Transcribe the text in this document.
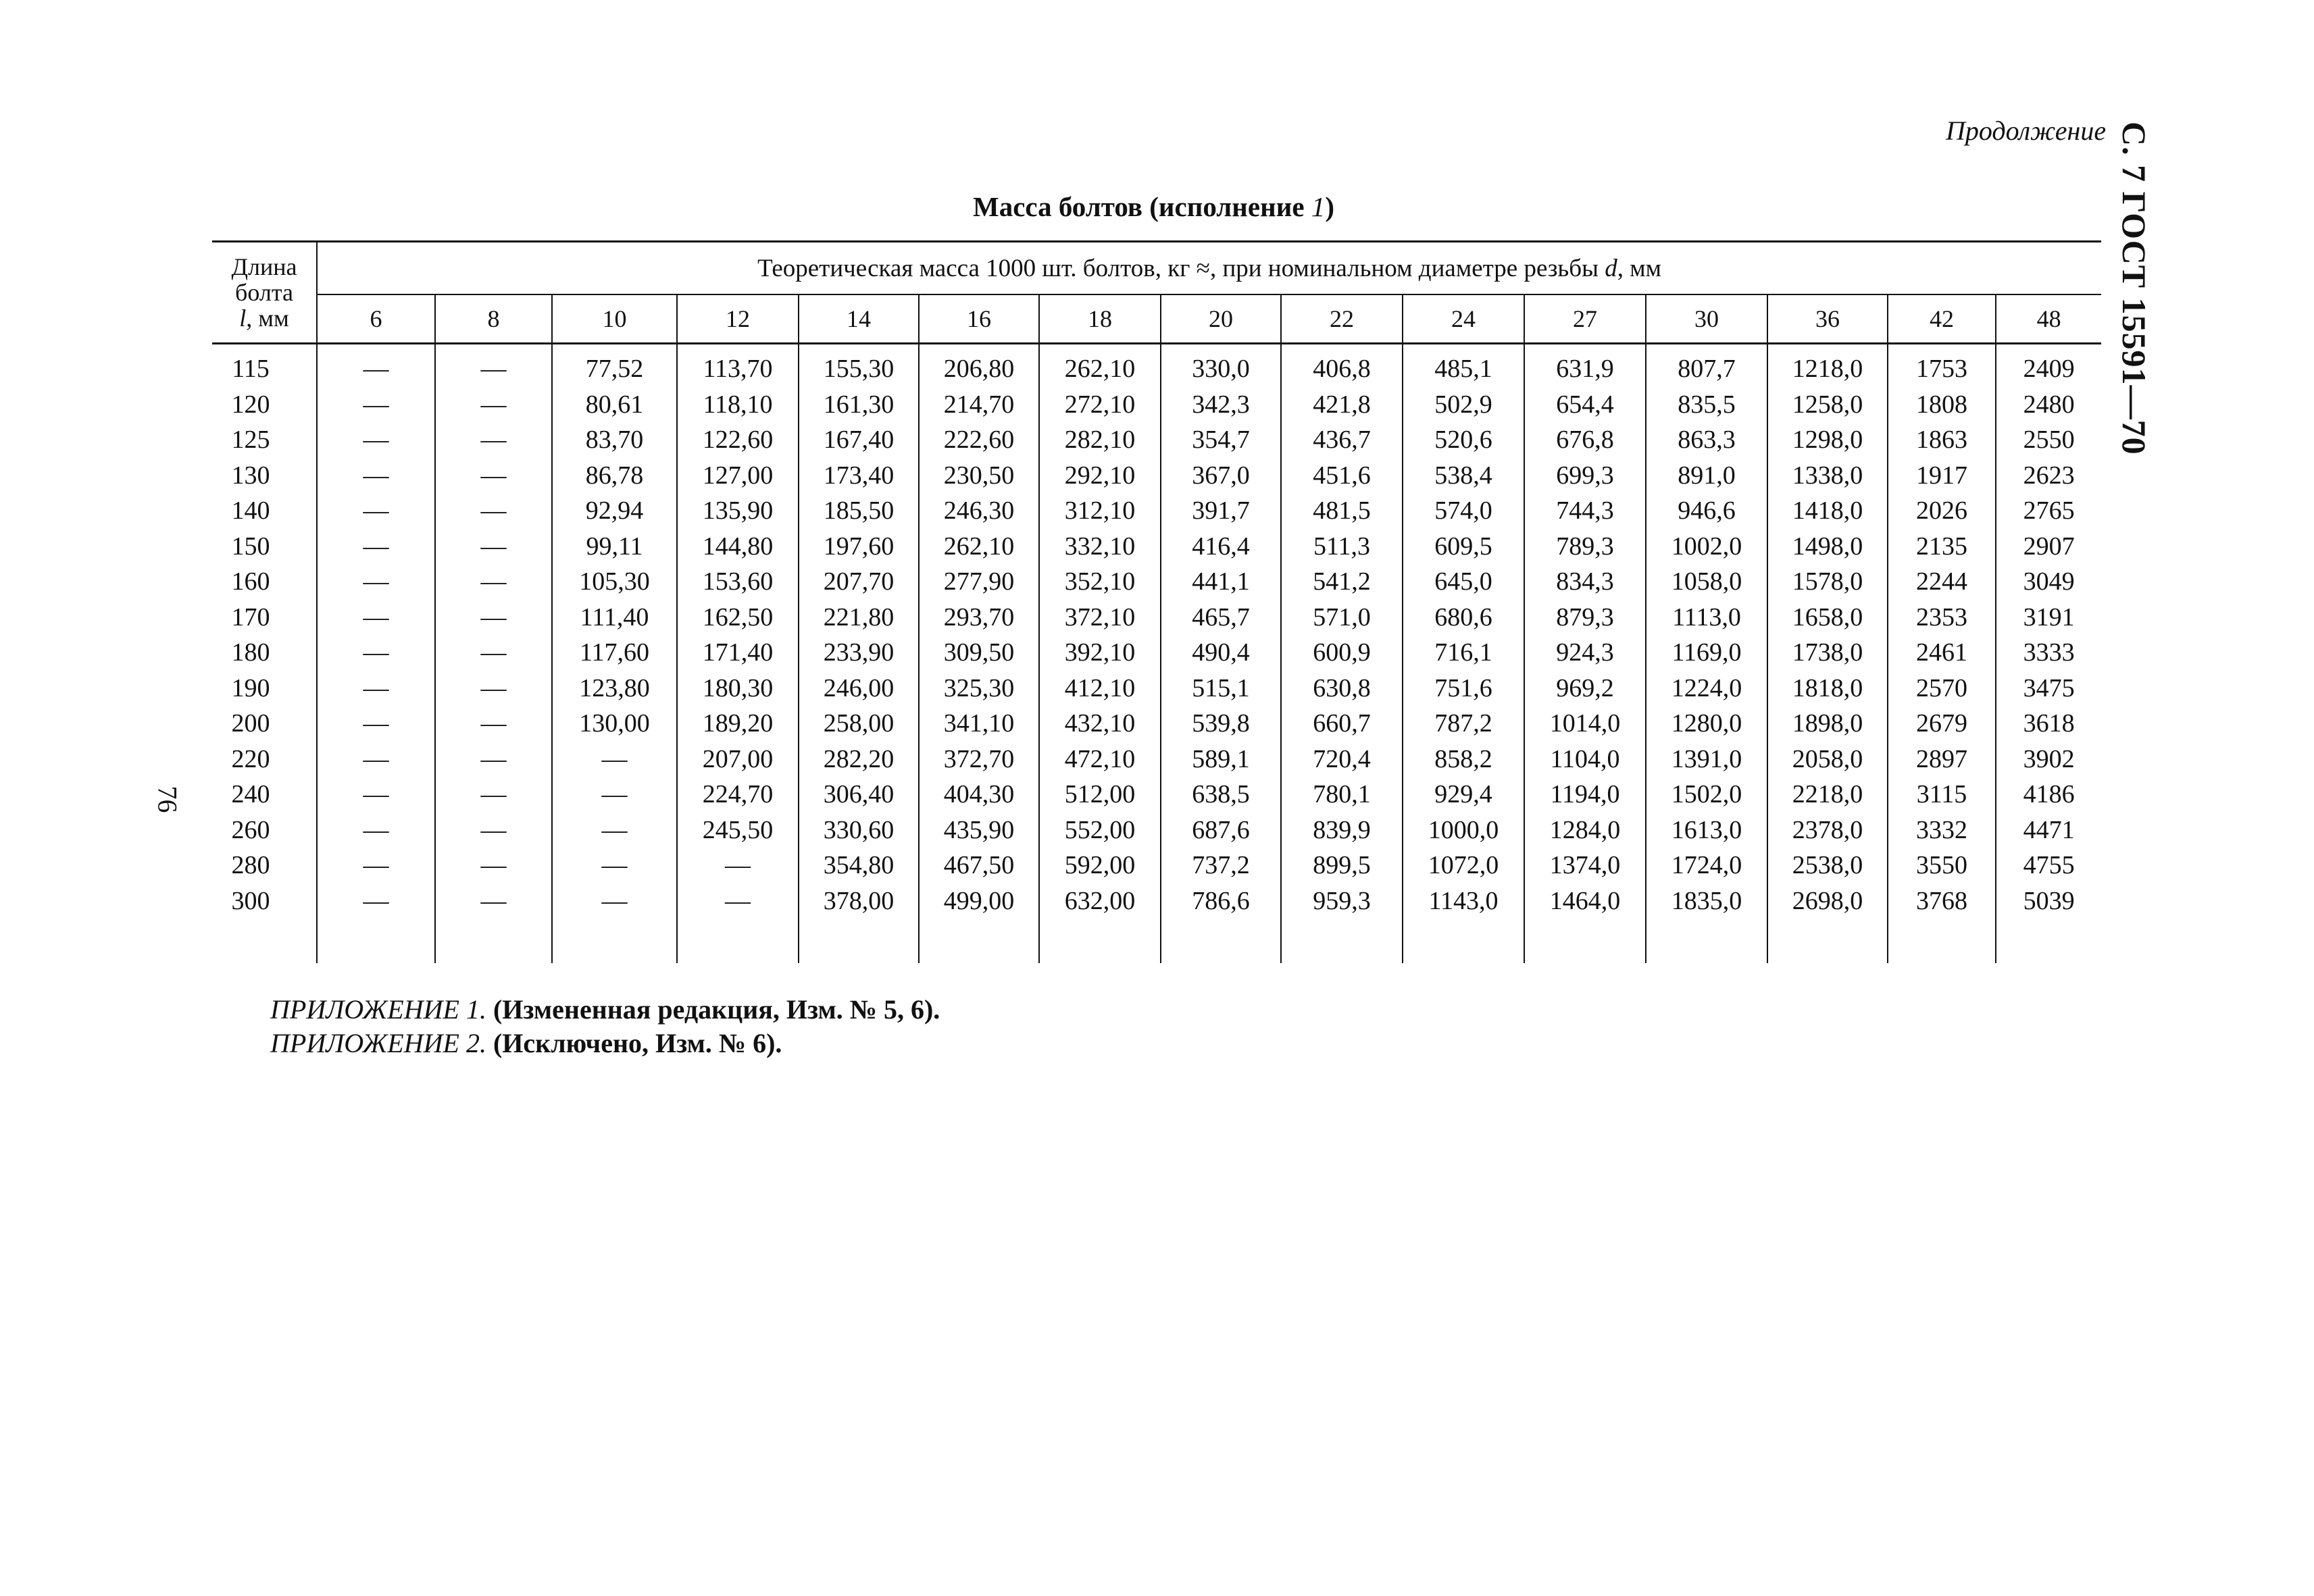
Продолжение С. 7 ГОСТ 15591—70
76
Масса болтов (исполнение 1)
Длина
болта
l, мм	Теоретическая масса 1000 шт. болтов, кг ≈, при номинальном диаметре резьбы d, мм														
	6	8	10	12	14	16	18	20	22	24	27	30	36	42	48
115	—	—	77,52	113,70	155,30	206,80	262,10	330,0	406,8	485,1	631,9	807,7	1218,0	1753	2409
120	—	—	80,61	118,10	161,30	214,70	272,10	342,3	421,8	502,9	654,4	835,5	1258,0	1808	2480
125	—	—	83,70	122,60	167,40	222,60	282,10	354,7	436,7	520,6	676,8	863,3	1298,0	1863	2550
130	—	—	86,78	127,00	173,40	230,50	292,10	367,0	451,6	538,4	699,3	891,0	1338,0	1917	2623
140	—	—	92,94	135,90	185,50	246,30	312,10	391,7	481,5	574,0	744,3	946,6	1418,0	2026	2765
150	—	—	99,11	144,80	197,60	262,10	332,10	416,4	511,3	609,5	789,3	1002,0	1498,0	2135	2907
160	—	—	105,30	153,60	207,70	277,90	352,10	441,1	541,2	645,0	834,3	1058,0	1578,0	2244	3049
170	—	—	111,40	162,50	221,80	293,70	372,10	465,7	571,0	680,6	879,3	1113,0	1658,0	2353	3191
180	—	—	117,60	171,40	233,90	309,50	392,10	490,4	600,9	716,1	924,3	1169,0	1738,0	2461	3333
190	—	—	123,80	180,30	246,00	325,30	412,10	515,1	630,8	751,6	969,2	1224,0	1818,0	2570	3475
200	—	—	130,00	189,20	258,00	341,10	432,10	539,8	660,7	787,2	1014,0	1280,0	1898,0	2679	3618
220	—	—	—	207,00	282,20	372,70	472,10	589,1	720,4	858,2	1104,0	1391,0	2058,0	2897	3902
240	—	—	—	224,70	306,40	404,30	512,00	638,5	780,1	929,4	1194,0	1502,0	2218,0	3115	4186
260	—	—	—	245,50	330,60	435,90	552,00	687,6	839,9	1000,0	1284,0	1613,0	2378,0	3332	4471
280	—	—	—	—	354,80	467,50	592,00	737,2	899,5	1072,0	1374,0	1724,0	2538,0	3550	4755
300	—	—	—	—	378,00	499,00	632,00	786,6	959,3	1143,0	1464,0	1835,0	2698,0	3768	5039

ПРИЛОЖЕНИЕ 1. (Измененная редакция, Изм. № 5, 6).
ПРИЛОЖЕНИЕ 2. (Исключено, Изм. № 6).
